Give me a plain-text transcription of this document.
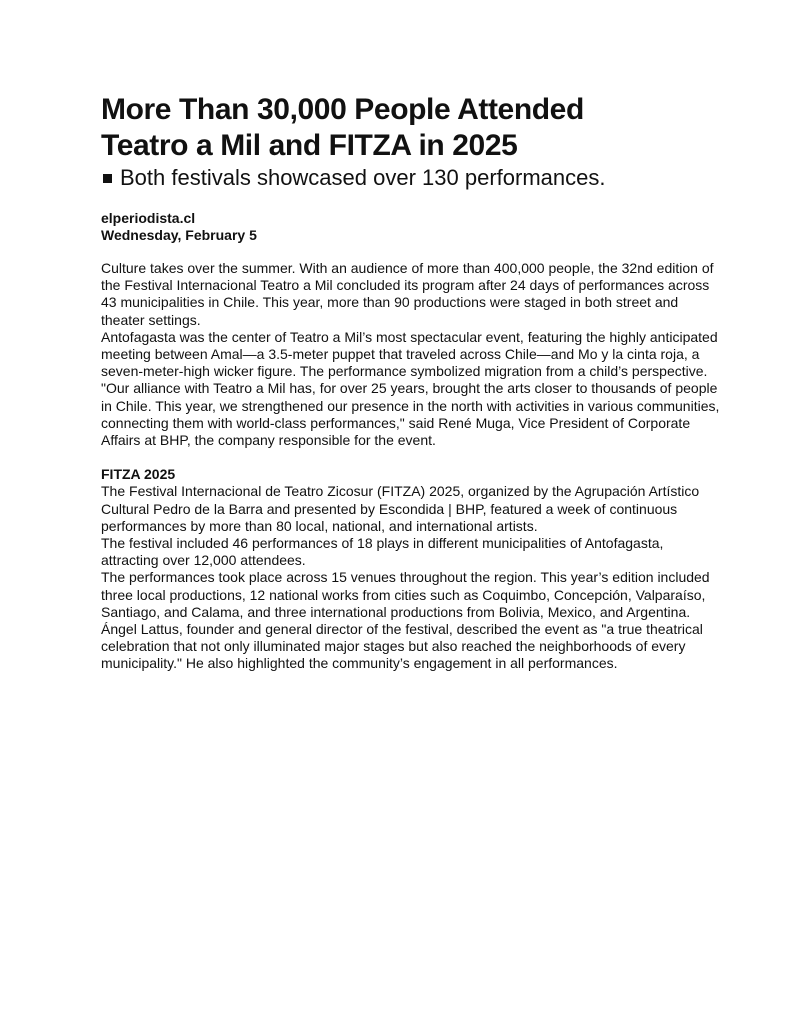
More Than 30,000 People Attended Teatro a Mil and FITZA in 2025
Both festivals showcased over 130 performances.
elperiodista.cl
Wednesday, February 5

Culture takes over the summer. With an audience of more than 400,000 people, the 32nd edition of the Festival Internacional Teatro a Mil concluded its program after 24 days of performances across 43 municipalities in Chile. This year, more than 90 productions were staged in both street and theater settings.

Antofagasta was the center of Teatro a Mil’s most spectacular event, featuring the highly anticipated meeting between Amal—a 3.5-meter puppet that traveled across Chile—and Mo y la cinta roja, a seven-meter-high wicker figure. The performance symbolized migration from a child’s perspective.

"Our alliance with Teatro a Mil has, for over 25 years, brought the arts closer to thousands of people in Chile. This year, we strengthened our presence in the north with activities in various communities, connecting them with world-class performances," said René Muga, Vice President of Corporate Affairs at BHP, the company responsible for the event.

FITZA 2025

The Festival Internacional de Teatro Zicosur (FITZA) 2025, organized by the Agrupación Artístico Cultural Pedro de la Barra and presented by Escondida | BHP, featured a week of continuous performances by more than 80 local, national, and international artists.

The festival included 46 performances of 18 plays in different municipalities of Antofagasta, attracting over 12,000 attendees.

The performances took place across 15 venues throughout the region. This year’s edition included three local productions, 12 national works from cities such as Coquimbo, Concepción, Valparaíso, Santiago, and Calama, and three international productions from Bolivia, Mexico, and Argentina.

Ángel Lattus, founder and general director of the festival, described the event as "a true theatrical celebration that not only illuminated major stages but also reached the neighborhoods of every municipality." He also highlighted the community’s engagement in all performances.
